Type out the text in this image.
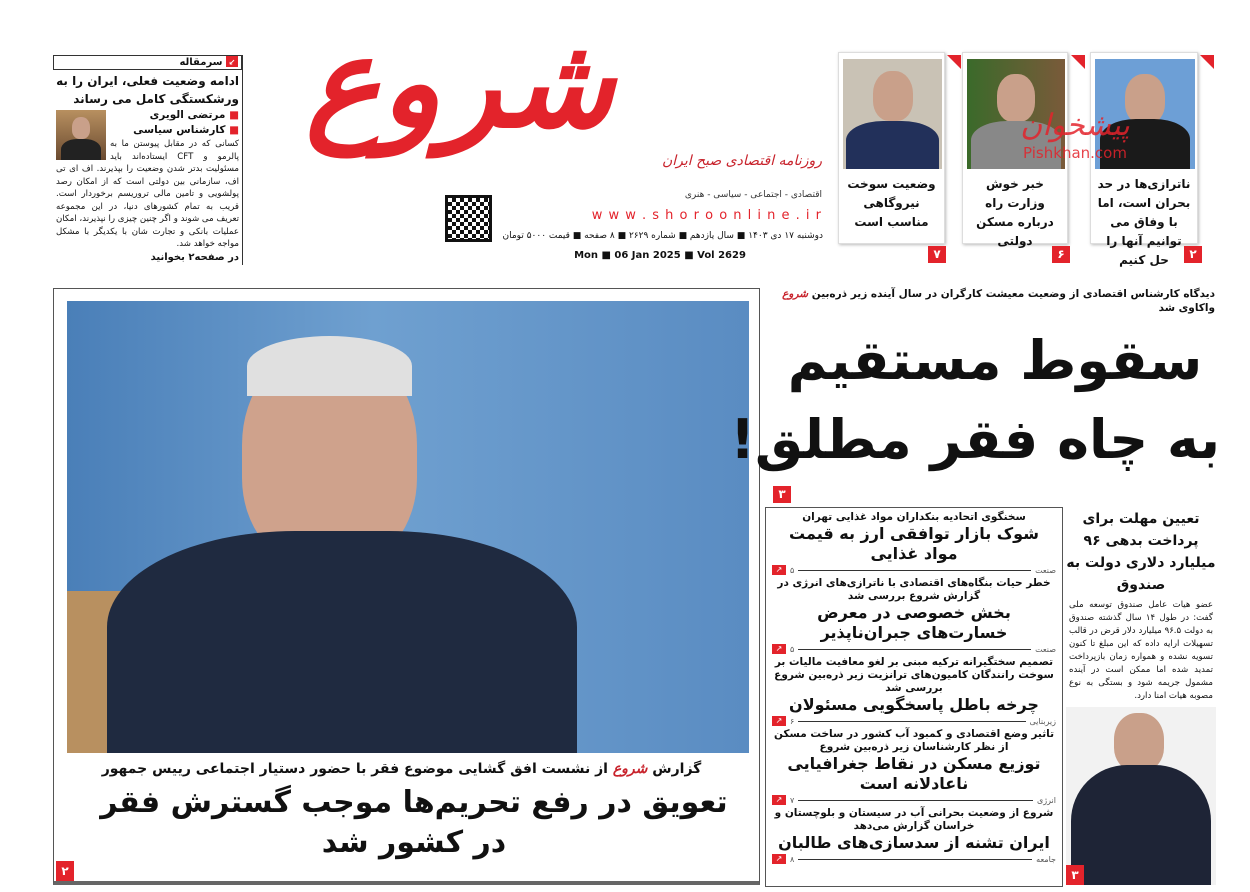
↙ سرمقاله
ادامه وضعیت فعلی، ایران را به ورشکستگی کامل می رساند
■ مرتضی الویری
■ کارشناس سیاسی
کسانی که در مقابل پیوستن ما به پالرمو و CFT ایستاده‌اند باید مسئولیت بدتر شدن وضعیت را بپذیرند. اف ای تی اف، سازمانی بین دولتی است که از امکان رصد پولشویی و تامین مالی تروریسم برخوردار است. قریب به تمام کشورهای دنیا، در این مجموعه تعریف می شوند و اگر چنین چیزی را نپذیرند، امکان عملیات بانکی و تجارت شان با یکدیگر با مشکل مواجه خواهد شد.
در صفحه۲ بخوانید
شروع
روزنامه اقتصادی صبح ایران
اقتصادی - اجتماعی - سیاسی - هنری
w w w . s h o r o o n l i n e . i r
دوشنبه ۱۷ دی ۱۴۰۳ ■ سال یازدهم ■ شماره ۲۶۲۹ ■ ۸ صفحه ■ قیمت ۵۰۰۰ تومان
Mon ■ 06 Jan 2025 ■ Vol 2629
ناترازی‌ها در حد بحران است، اما با وفاق می توانیم آنها را حل کنیم	۲
خبر خوش وزارت راه درباره مسکن دولتی
۶
وضعیت سوخت نیروگاهی مناسب است
۷
پیشخوان
Pishkhan.com
گزارش شروع از نشست افق گشایی موضوع فقر با حضور دستیار اجتماعی رییس جمهور
تعویق در رفع تحریم‌ها موجب گسترش فقر در کشور شد
۲
دیدگاه کارشناس اقتصادی از وضعیت معیشت کارگران در سال آینده زیر ذره‌بین شروع واکاوی شد
سقوط مستقیم
به چاه فقر مطلق!
۳
سخنگوی اتحادیه بنکداران مواد غذایی تهران
شوک بازار توافقی ارز به قیمت مواد غذایی
صنعت
۵
↗
خطر حیات بنگاه‌های اقتصادی با ناترازی‌های انرژی در گزارش شروع بررسی شد
بخش خصوصی در معرض خسارت‌های جبران‌ناپذیر
صنعت
۵
↗
تصمیم سختگیرانه ترکیه مبنی بر لغو معافیت مالیات بر سوخت رانندگان کامیون‌های ترانزیت زیر ذره‌بین شروع بررسی شد
چرخه باطل پاسخگویی مسئولان
زیربنایی
۶
↗
تاثیر وضع اقتصادی و کمبود آب کشور در ساخت مسکن از نظر کارشناسان زیر ذره‌بین شروع
توزیع مسکن در نقاط جغرافیایی ناعادلانه است
انرژی
۷
↗
شروع از وضعیت بحرانی آب در سیستان و بلوچستان و خراسان گزارش می‌دهد
ایران تشنه از سدسازی‌های طالبان
جامعه
۸
↗
تعیین مهلت برای پرداخت بدهی ۹۶ میلیارد دلاری دولت به صندوق
عضو هیات عامل صندوق توسعه ملی گفت: در طول ۱۴ سال گذشته صندوق به دولت ۹۶.۵ میلیارد دلار قرض در قالب تسهیلات ارایه داده که این مبلغ تا کنون تسویه نشده و همواره زمان بازپرداخت تمدید شده اما ممکن است در آینده مشمول جریمه شود و بستگی به نوع مصوبه هیات امنا دارد.
۳
